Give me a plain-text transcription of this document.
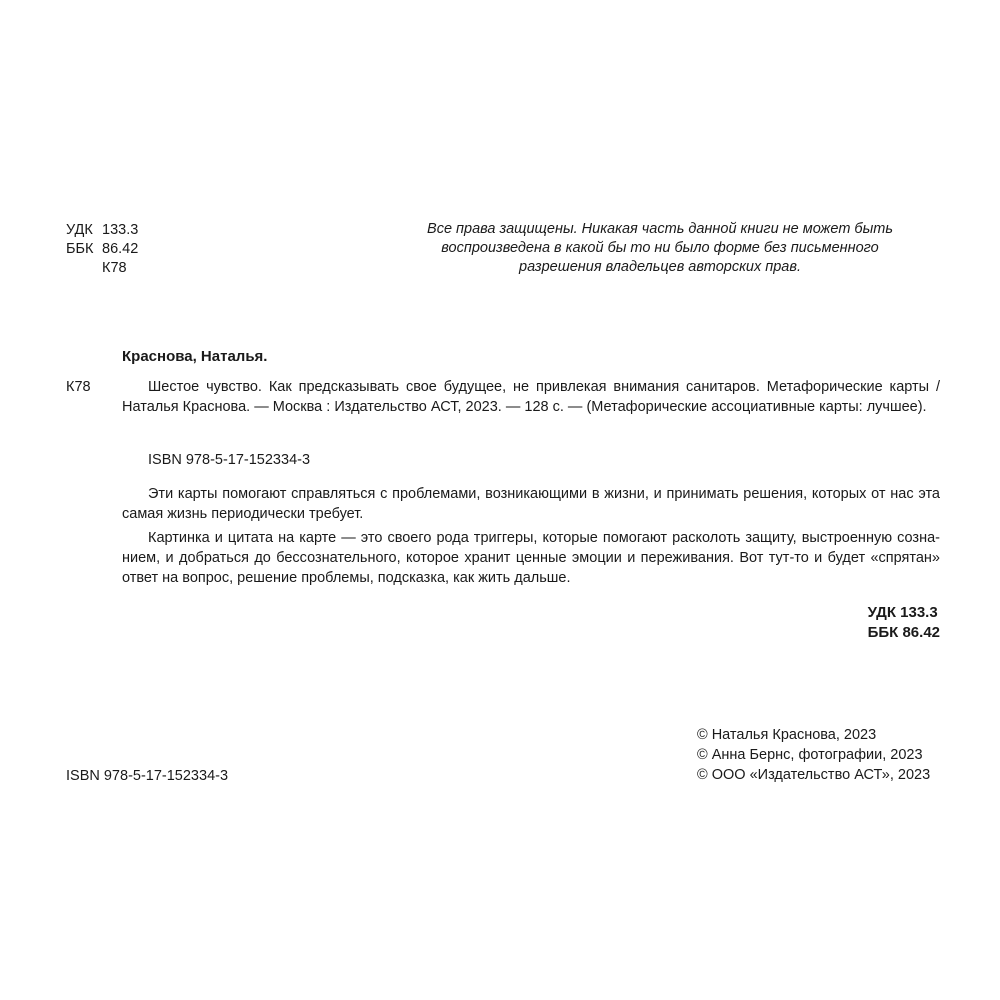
УДК 133.3
ББК 86.42
К78
Все права защищены. Никакая часть данной книги не может быть
воспроизведена в какой бы то ни было форме без письменного
разрешения владельцев авторских прав.
Краснова, Наталья.
К78	Шестое чувство. Как предсказывать свое будущее, не привлекая внимания санитаров. Метафорические карты / Наталья Краснова. — Москва : Издательство АСТ, 2023. — 128 с. — (Метафорические ассоциативные карты: лучшее).
ISBN 978-5-17-152334-3

Эти карты помогают справляться с проблемами, возникающими в жизни, и принимать решения, которых от нас эта самая жизнь периодически требует.

Картинка и цитата на карте — это своего рода триггеры, которые помогают расколоть защиту, выстроенную сознанием, и добраться до бессознательного, которое хранит ценные эмоции и переживания. Вот тут-то и будет «спрятан» ответ на вопрос, решение проблемы, подсказка, как жить дальше.

УДК 133.3
ББК 86.42
© Наталья Краснова, 2023
© Анна Бернс, фотографии, 2023
© ООО «Издательство АСТ», 2023
ISBN 978-5-17-152334-3
